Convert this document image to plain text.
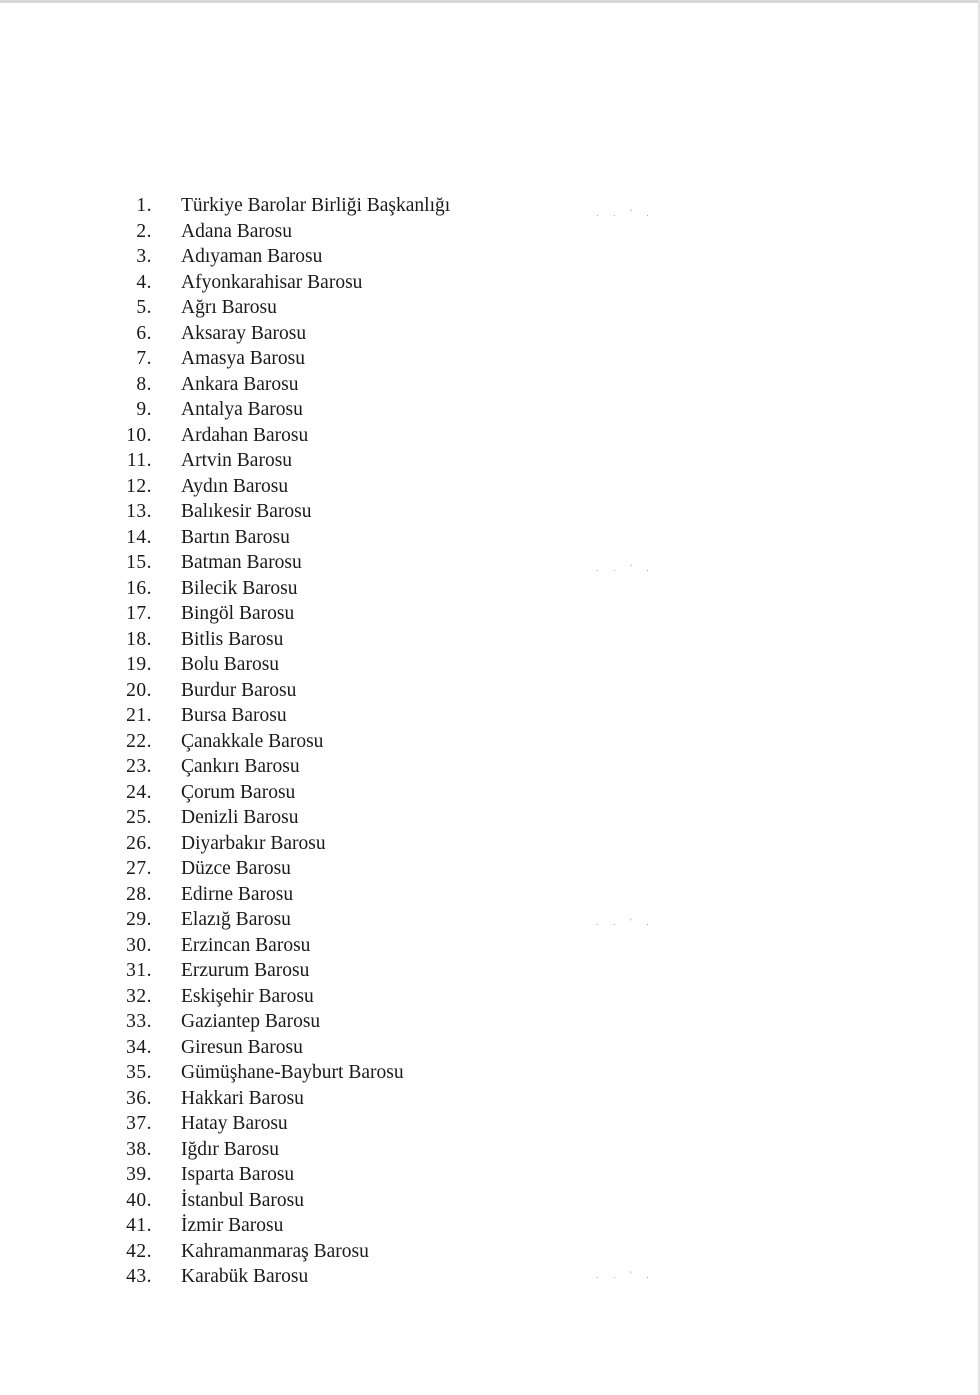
1. Türkiye Barolar Birliği Başkanlığı
2. Adana Barosu
3. Adıyaman Barosu
4. Afyonkarahisar Barosu
5. Ağrı Barosu
6. Aksaray Barosu
7. Amasya Barosu
8. Ankara Barosu
9. Antalya Barosu
10. Ardahan Barosu
11. Artvin Barosu
12. Aydın Barosu
13. Balıkesir Barosu
14. Bartın Barosu
15. Batman Barosu
16. Bilecik Barosu
17. Bingöl Barosu
18. Bitlis Barosu
19. Bolu Barosu
20. Burdur Barosu
21. Bursa Barosu
22. Çanakkale Barosu
23. Çankırı Barosu
24. Çorum Barosu
25. Denizli Barosu
26. Diyarbakır Barosu
27. Düzce Barosu
28. Edirne Barosu
29. Elazığ Barosu
30. Erzincan Barosu
31. Erzurum Barosu
32. Eskişehir Barosu
33. Gaziantep Barosu
34. Giresun Barosu
35. Gümüşhane-Bayburt Barosu
36. Hakkari Barosu
37. Hatay Barosu
38. Iğdır Barosu
39. Isparta Barosu
40. İstanbul Barosu
41. İzmir Barosu
42. Kahramanmaraş Barosu
43. Karabük Barosu
. . ' .
. . ' .
. . ' .
. . ' .
